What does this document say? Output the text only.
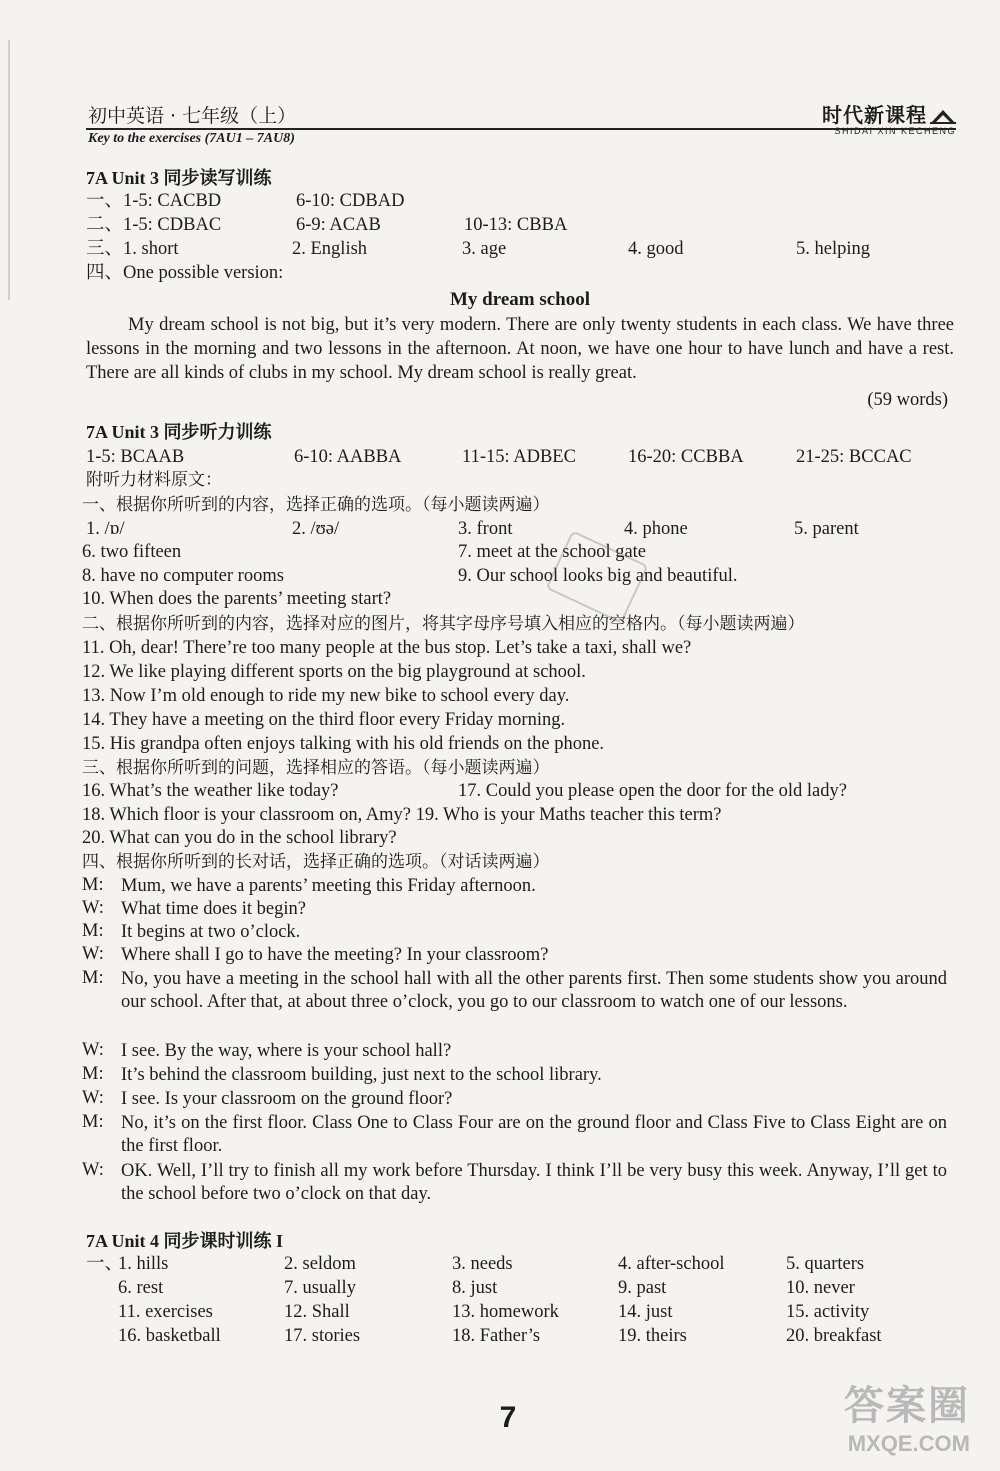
初中英语 · 七年级（上）	时代新课程
SHIDAI XIN KECHENG
Key to the exercises (7AU1 – 7AU8)
7A Unit 3 同步读写训练
一、1-5: CACBD	6-10: CDBAD
二、1-5: CDBAC	6-9: ACAB	10-13: CBBA
三、1. short	2. English	3. age	4. good	5. helping
四、One possible version:
My dream school
My dream school is not big, but it’s very modern. There are only twenty students in each class. We have three lessons in the morning and two lessons in the afternoon. At noon, we have one hour to have lunch and have a rest. There are all kinds of clubs in my school. My dream school is really great.
(59 words)
7A Unit 3 同步听力训练
1-5: BCAAB	6-10: AABBA	11-15: ADBEC	16-20: CCBBA	21-25: BCCAC
附听力材料原文：
一、根据你所听到的内容，选择正确的选项。（每小题读两遍）
1. /ɒ/	2. /ʊə/	3. front	4. phone	5. parent
6. two fifteen	7. meet at the school gate
8. have no computer rooms	9. Our school looks big and beautiful.
10. When does the parents’ meeting start?
二、根据你所听到的内容，选择对应的图片，将其字母序号填入相应的空格内。（每小题读两遍）
11. Oh, dear! There’re too many people at the bus stop. Let’s take a taxi, shall we?
12. We like playing different sports on the big playground at school.
13. Now I’m old enough to ride my new bike to school every day.
14. They have a meeting on the third floor every Friday morning.
15. His grandpa often enjoys talking with his old friends on the phone.
三、根据你所听到的问题，选择相应的答语。（每小题读两遍）
16. What’s the weather like today?	17. Could you please open the door for the old lady?
18. Which floor is your classroom on, Amy? 19. Who is your Maths teacher this term?
20. What can you do in the school library?
四、根据你所听到的长对话，选择正确的选项。（对话读两遍）
M: Mum, we have a parents’ meeting this Friday afternoon.
W: What time does it begin?
M: It begins at two o’clock.
W: Where shall I go to have the meeting? In your classroom?
M: No, you have a meeting in the school hall with all the other parents first. Then some students show you around our school. After that, at about three o’clock, you go to our classroom to watch one of our lessons.
W: I see. By the way, where is your school hall?
M: It’s behind the classroom building, just next to the school library.
W: I see. Is your classroom on the ground floor?
M: No, it’s on the first floor. Class One to Class Four are on the ground floor and Class Five to Class Eight are on the first floor.
W: OK. Well, I’ll try to finish all my work before Thursday. I think I’ll be very busy this week. Anyway, I’ll get to the school before two o’clock on that day.
7A Unit 4 同步课时训练 I
一、
1. hills	2. seldom	3. needs	4. after-school	5. quarters
6. rest	7. usually	8. just	9. past	10. never
11. exercises	12. Shall	13. homework	14. just	15. activity
16. basketball	17. stories	18. Father’s	19. theirs	20. breakfast
7	答案圈
MXQE.COM
